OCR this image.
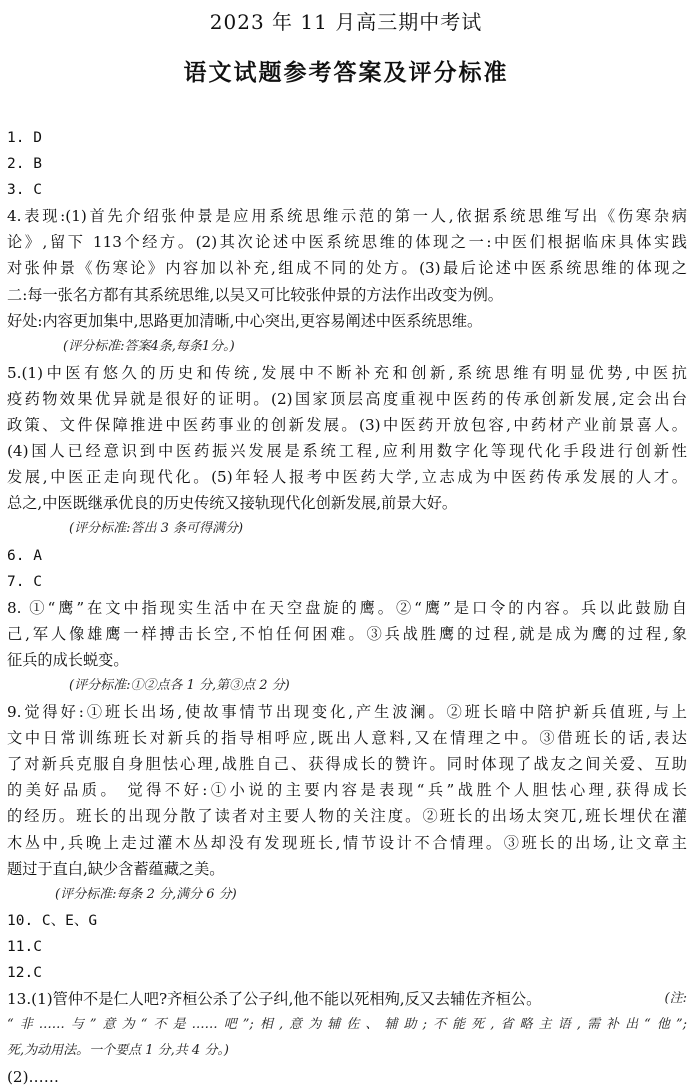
2023 年 11 月高三期中考试
语文试题参考答案及评分标准
1. D
2. B
3. C
4.表现:(1)首先介绍张仲景是应用系统思维示范的第一人,依据系统思维写出《伤寒杂病
论》,留下 113个经方。(2)其次论述中医系统思维的体现之一:中医们根据临床具体实践
对张仲景《伤寒论》内容加以补充,组成不同的处方。(3)最后论述中医系统思维的体现之
二:每一张名方都有其系统思维,以吴又可比较张仲景的方法作出改变为例。
好处:内容更加集中,思路更加清晰,中心突出,更容易阐述中医系统思维。
(评分标准:答案4条,每条1分。)
5.(1)中医有悠久的历史和传统,发展中不断补充和创新,系统思维有明显优势,中医抗
疫药物效果优异就是很好的证明。(2)国家顶层高度重视中医药的传承创新发展,定会出台
政策、文件保障推进中医药事业的创新发展。(3)中医药开放包容,中药材产业前景喜人。
(4)国人已经意识到中医药振兴发展是系统工程,应利用数字化等现代化手段进行创新性
发展,中医正走向现代化。(5)年轻人报考中医药大学,立志成为中医药传承发展的人才。
总之,中医既继承优良的历史传统又接轨现代化创新发展,前景大好。
(评分标准:答出 3 条可得满分)
6. A
7. C
8. ①“鹰”在文中指现实生活中在天空盘旋的鹰。②“鹰”是口令的内容。兵以此鼓励自
己,军人像雄鹰一样搏击长空,不怕任何困难。③兵战胜鹰的过程,就是成为鹰的过程,象
征兵的成长蜕变。
(评分标准:①②点各 1 分,第③点 2 分)
9.觉得好:①班长出场,使故事情节出现变化,产生波澜。②班长暗中陪护新兵值班,与上
文中日常训练班长对新兵的指导相呼应,既出人意料,又在情理之中。③借班长的话,表达
了对新兵克服自身胆怯心理,战胜自己、获得成长的赞许。同时体现了战友之间关爱、互助
的美好品质。 觉得不好:①小说的主要内容是表现“兵”战胜个人胆怯心理,获得成长
的经历。班长的出现分散了读者对主要人物的关注度。②班长的出场太突兀,班长埋伏在灌
木丛中,兵晚上走过灌木丛却没有发现班长,情节设计不合情理。③班长的出场,让文章主
题过于直白,缺少含蓄蕴藏之美。
(评分标准:每条 2 分,满分 6 分)
10. C、E、G
11.C
12.C
13.(1)管仲不是仁人吧?齐桓公杀了公子纠,他不能以死相殉,反又去辅佐齐桓公。	(注:
“非……与”意为“不是……吧”;相,意为辅佐、辅助;不能死,省略主语,需补出“他”;
死,为动用法。一个要点 1 分,共 4 分。)
(2)……
